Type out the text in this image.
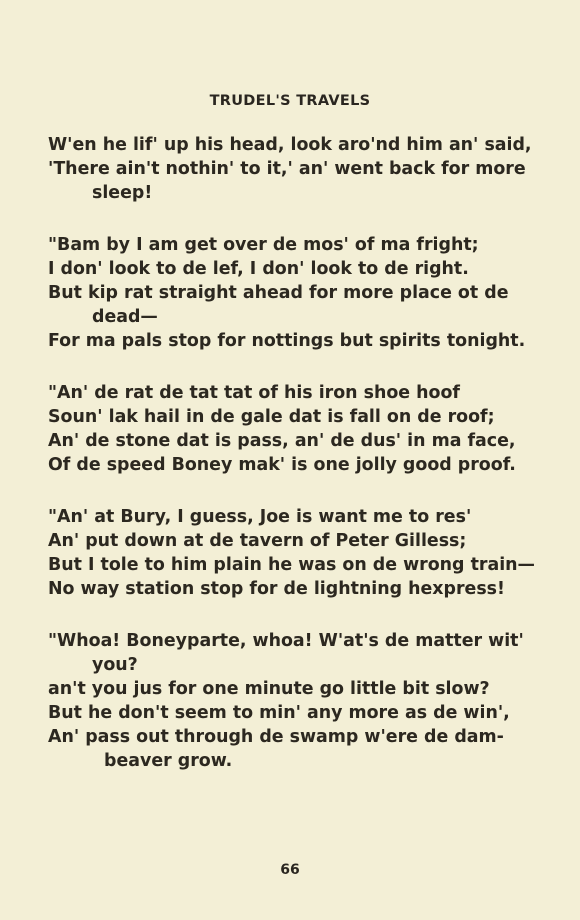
TRUDEL'S TRAVELS
W'en he lif' up his head, look aro'nd him an' said,
'There ain't nothin' to it,' an' went back for more
sleep!
"Bam by I am get over de mos' of ma fright;
I don' look to de lef, I don' look to de right.
But kip rat straight ahead for more place ot de
dead—
For ma pals stop for nottings but spirits tonight.
"An' de rat de tat tat of his iron shoe hoof
Soun' lak hail in de gale dat is fall on de roof;
An' de stone dat is pass, an' de dus' in ma face,
Of de speed Boney mak' is one jolly good proof.
"An' at Bury, I guess, Joe is want me to res'
An' put down at de tavern of Peter Gilless;
But I tole to him plain he was on de wrong train—
No way station stop for de lightning hexpress!
"Whoa! Boneyparte, whoa! W'at's de matter wit'
you?
an't you jus for one minute go little bit slow?
But he don't seem to min' any more as de win',
An' pass out through de swamp w'ere de dam-
beaver grow.
66
